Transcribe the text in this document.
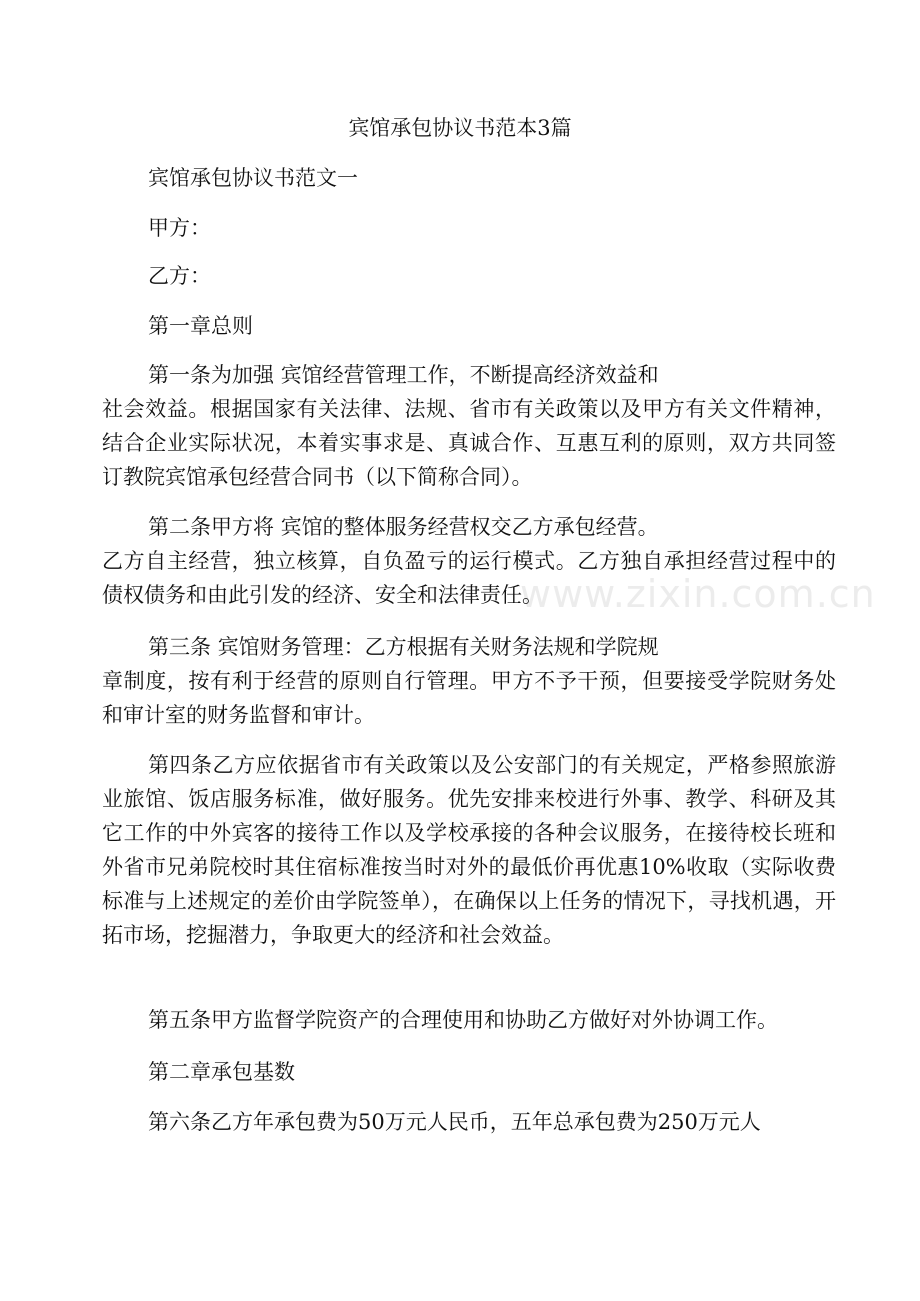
www.zixin.com.cn
宾馆承包协议书范本3篇

宾馆承包协议书范文一

甲方：

乙方：

第一章总则

第一条为加强 宾馆经营管理工作，不断提高经济效益和
社会效益。根据国家有关法律、法规、省市有关政策以及甲方有关文件精神，结合企业实际状况，本着实事求是、真诚合作、互惠互利的原则，双方共同签订教院宾馆承包经营合同书（以下简称合同）。
第二条甲方将 宾馆的整体服务经营权交乙方承包经营。
乙方自主经营，独立核算，自负盈亏的运行模式。乙方独自承担经营过程中的债权债务和由此引发的经济、安全和法律责任。
第三条 宾馆财务管理：乙方根据有关财务法规和学院规
章制度，按有利于经营的原则自行管理。甲方不予干预，但要接受学院财务处和审计室的财务监督和审计。
第四条乙方应依据省市有关政策以及公安部门的有关规定，严格参照旅游业旅馆、饭店服务标准，做好服务。优先安排来校进行外事、教学、科研及其它工作的中外宾客的接待工作以及学校承接的各种会议服务，在接待校长班和外省市兄弟院校时其住宿标准按当时对外的最低价再优惠10%收取（实际收费标准与上述规定的差价由学院签单），在确保以上任务的情况下，寻找机遇，开拓市场，挖掘潜力，争取更大的经济和社会效益。

第五条甲方监督学院资产的合理使用和协助乙方做好对外协调工作。

第二章承包基数

第六条乙方年承包费为50万元人民币，五年总承包费为250万元人
